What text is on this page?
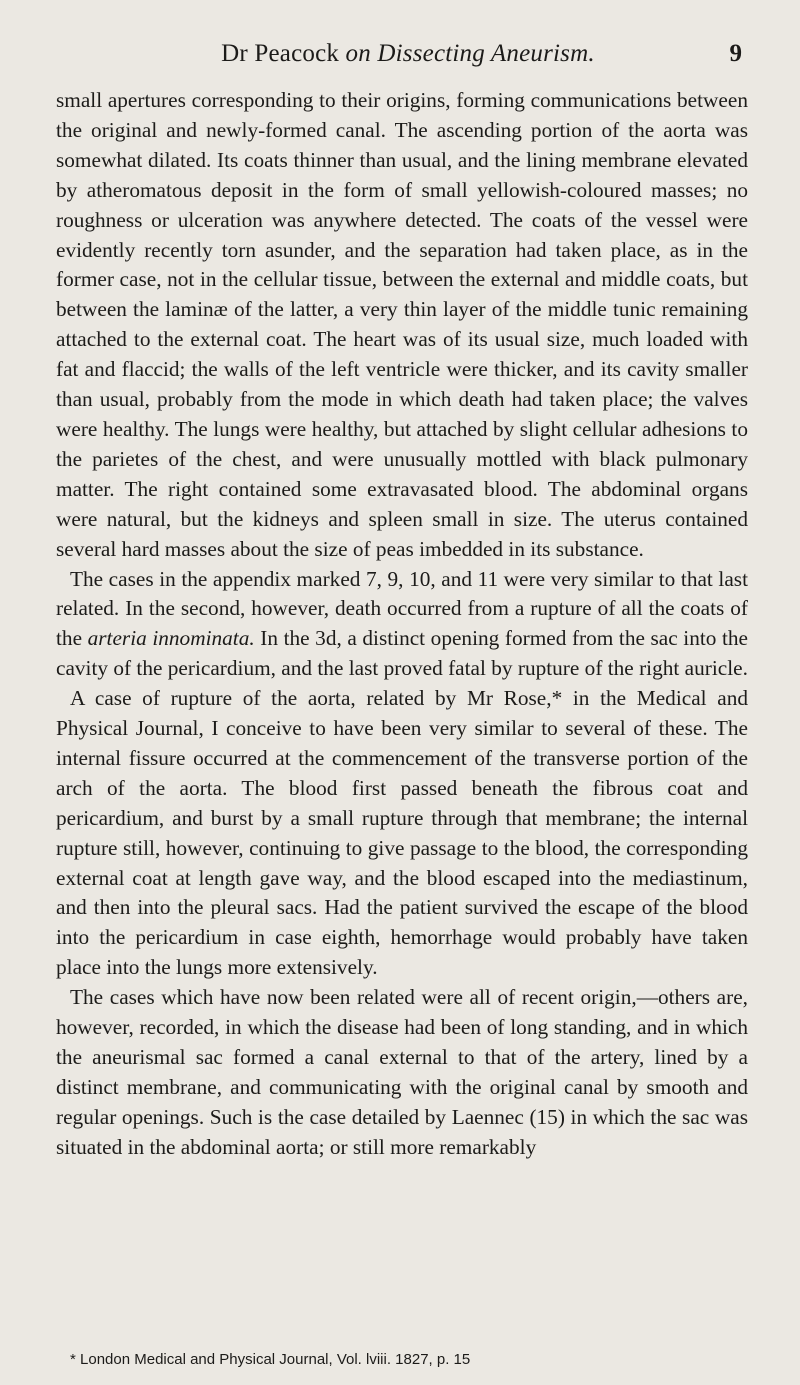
Dr Peacock on Dissecting Aneurism.	9

small apertures corresponding to their origins, forming communications between the original and newly-formed canal. The ascending portion of the aorta was somewhat dilated. Its coats thinner than usual, and the lining membrane elevated by atheromatous deposit in the form of small yellowish-coloured masses; no roughness or ulceration was anywhere detected. The coats of the vessel were evidently recently torn asunder, and the separation had taken place, as in the former case, not in the cellular tissue, between the external and middle coats, but between the laminæ of the latter, a very thin layer of the middle tunic remaining attached to the external coat. The heart was of its usual size, much loaded with fat and flaccid; the walls of the left ventricle were thicker, and its cavity smaller than usual, probably from the mode in which death had taken place; the valves were healthy. The lungs were healthy, but attached by slight cellular adhesions to the parietes of the chest, and were unusually mottled with black pulmonary matter. The right contained some extravasated blood. The abdominal organs were natural, but the kidneys and spleen small in size. The uterus contained several hard masses about the size of peas imbedded in its substance.

The cases in the appendix marked 7, 9, 10, and 11 were very similar to that last related. In the second, however, death occurred from a rupture of all the coats of the arteria innominata. In the 3d, a distinct opening formed from the sac into the cavity of the pericardium, and the last proved fatal by rupture of the right auricle.

A case of rupture of the aorta, related by Mr Rose,* in the Medical and Physical Journal, I conceive to have been very similar to several of these. The internal fissure occurred at the commencement of the transverse portion of the arch of the aorta. The blood first passed beneath the fibrous coat and pericardium, and burst by a small rupture through that membrane; the internal rupture still, however, continuing to give passage to the blood, the corresponding external coat at length gave way, and the blood escaped into the mediastinum, and then into the pleural sacs. Had the patient survived the escape of the blood into the pericardium in case eighth, hemorrhage would probably have taken place into the lungs more extensively.

The cases which have now been related were all of recent origin,—others are, however, recorded, in which the disease had been of long standing, and in which the aneurismal sac formed a canal external to that of the artery, lined by a distinct membrane, and communicating with the original canal by smooth and regular openings. Such is the case detailed by Laennec (15) in which the sac was situated in the abdominal aorta; or still more remarkably

* London Medical and Physical Journal, Vol. lviii. 1827, p. 15
